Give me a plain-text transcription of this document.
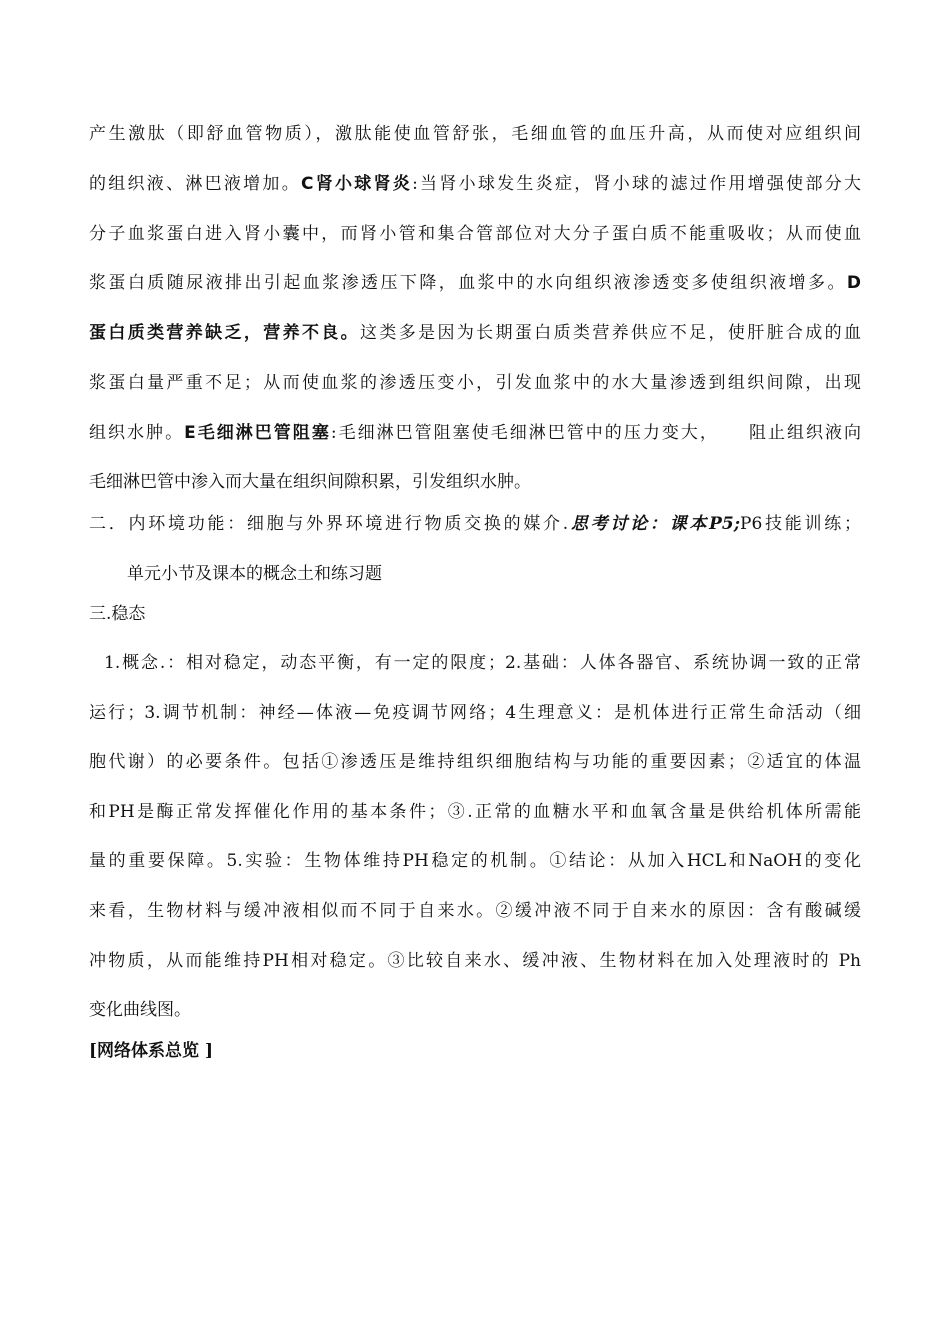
产生激肽（即舒血管物质），激肽能使血管舒张，毛细血管的血压升高，从而使对应组织间
的组织液、淋巴液增加。C肾小球肾炎:当肾小球发生炎症，肾小球的滤过作用增强使部分大
分子血浆蛋白进入肾小囊中，而肾小管和集合管部位对大分子蛋白质不能重吸收；从而使血
浆蛋白质随尿液排出引起血浆渗透压下降，血浆中的水向组织液渗透变多使组织液增多。D
蛋白质类营养缺乏，营养不良。这类多是因为长期蛋白质类营养供应不足，使肝脏合成的血
浆蛋白量严重不足；从而使血浆的渗透压变小，引发血浆中的水大量渗透到组织间隙，出现
组织水肿。E毛细淋巴管阻塞:毛细淋巴管阻塞使毛细淋巴管中的压力变大， 阻止组织液向
毛细淋巴管中渗入而大量在组织间隙积累，引发组织水肿。
二．内环境功能：细胞与外界环境进行物质交换的媒介.思考讨论：课本P5;P6技能训练；
单元小节及课本的概念土和练习题
三.稳态
1.概念.：相对稳定，动态平衡，有一定的限度；2.基础：人体各器官、系统协调一致的正常
运行；3.调节机制：神经—体液—免疫调节网络；4生理意义：是机体进行正常生命活动（细
胞代谢）的必要条件。包括①渗透压是维持组织细胞结构与功能的重要因素；②适宜的体温
和PH是酶正常发挥催化作用的基本条件；③.正常的血糖水平和血氧含量是供给机体所需能
量的重要保障。5.实验：生物体维持PH稳定的机制。①结论：从加入HCL和NaOH的变化
来看，生物材料与缓冲液相似而不同于自来水。②缓冲液不同于自来水的原因：含有酸碱缓
冲物质，从而能维持PH相对稳定。③比较自来水、缓冲液、生物材料在加入处理液时的 Ph
变化曲线图。
[网络体系总览 ]
